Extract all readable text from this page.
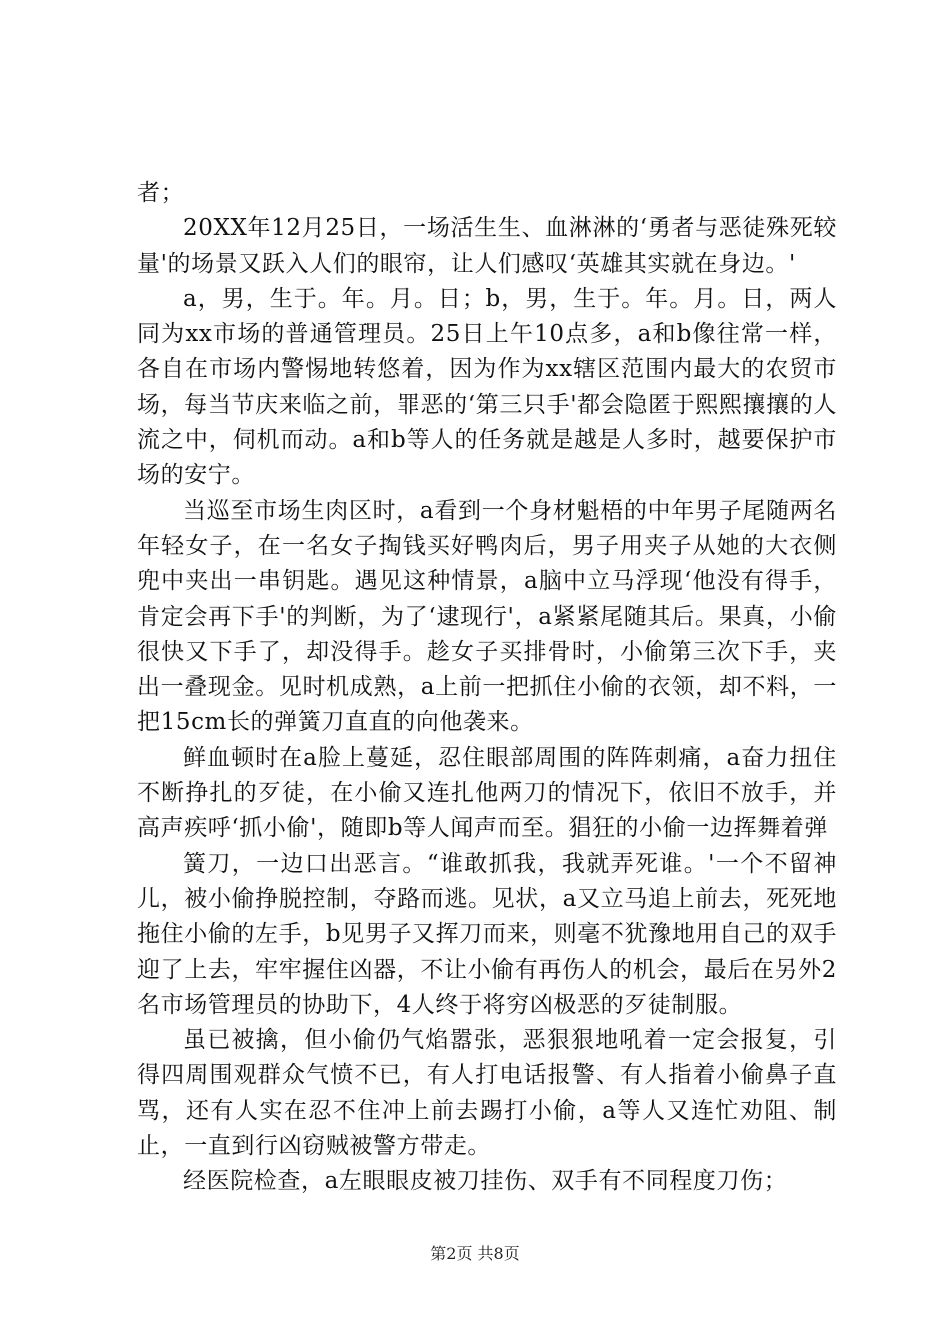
者；

20XX年12月25日，一场活生生、血淋淋的‘勇者与恶徒殊死较量'的场景又跃入人们的眼帘，让人们感叹‘英雄其实就在身边。'

a，男，生于。年。月。日；b，男，生于。年。月。日，两人同为xx市场的普通管理员。25日上午10点多，a和b像往常一样，各自在市场内警惕地转悠着，因为作为xx辖区范围内最大的农贸市场，每当节庆来临之前，罪恶的‘第三只手'都会隐匿于熙熙攘攘的人流之中，伺机而动。a和b等人的任务就是越是人多时，越要保护市场的安宁。

当巡至市场生肉区时，a看到一个身材魁梧的中年男子尾随两名年轻女子，在一名女子掏钱买好鸭肉后，男子用夹子从她的大衣侧兜中夹出一串钥匙。遇见这种情景，a脑中立马浮现‘他没有得手，肯定会再下手'的判断，为了‘逮现行'，a紧紧尾随其后。果真，小偷很快又下手了，却没得手。趁女子买排骨时，小偷第三次下手，夹出一叠现金。见时机成熟，a上前一把抓住小偷的衣领，却不料，一把15cm长的弹簧刀直直的向他袭来。

鲜血顿时在a脸上蔓延，忍住眼部周围的阵阵刺痛，a奋力扭住不断挣扎的歹徒，在小偷又连扎他两刀的情况下，依旧不放手，并高声疾呼‘抓小偷'，随即b等人闻声而至。猖狂的小偷一边挥舞着弹

簧刀，一边口出恶言。“谁敢抓我，我就弄死谁。'一个不留神儿，被小偷挣脱控制，夺路而逃。见状，a又立马追上前去，死死地拖住小偷的左手，b见男子又挥刀而来，则毫不犹豫地用自己的双手迎了上去，牢牢握住凶器，不让小偷有再伤人的机会，最后在另外2名市场管理员的协助下，4人终于将穷凶极恶的歹徒制服。

虽已被擒，但小偷仍气焰嚣张，恶狠狠地吼着一定会报复，引得四周围观群众气愤不已，有人打电话报警、有人指着小偷鼻子直骂，还有人实在忍不住冲上前去踢打小偷，a等人又连忙劝阻、制止，一直到行凶窃贼被警方带走。

经医院检查，a左眼眼皮被刀挂伤、双手有不同程度刀伤；

第2页 共8页
